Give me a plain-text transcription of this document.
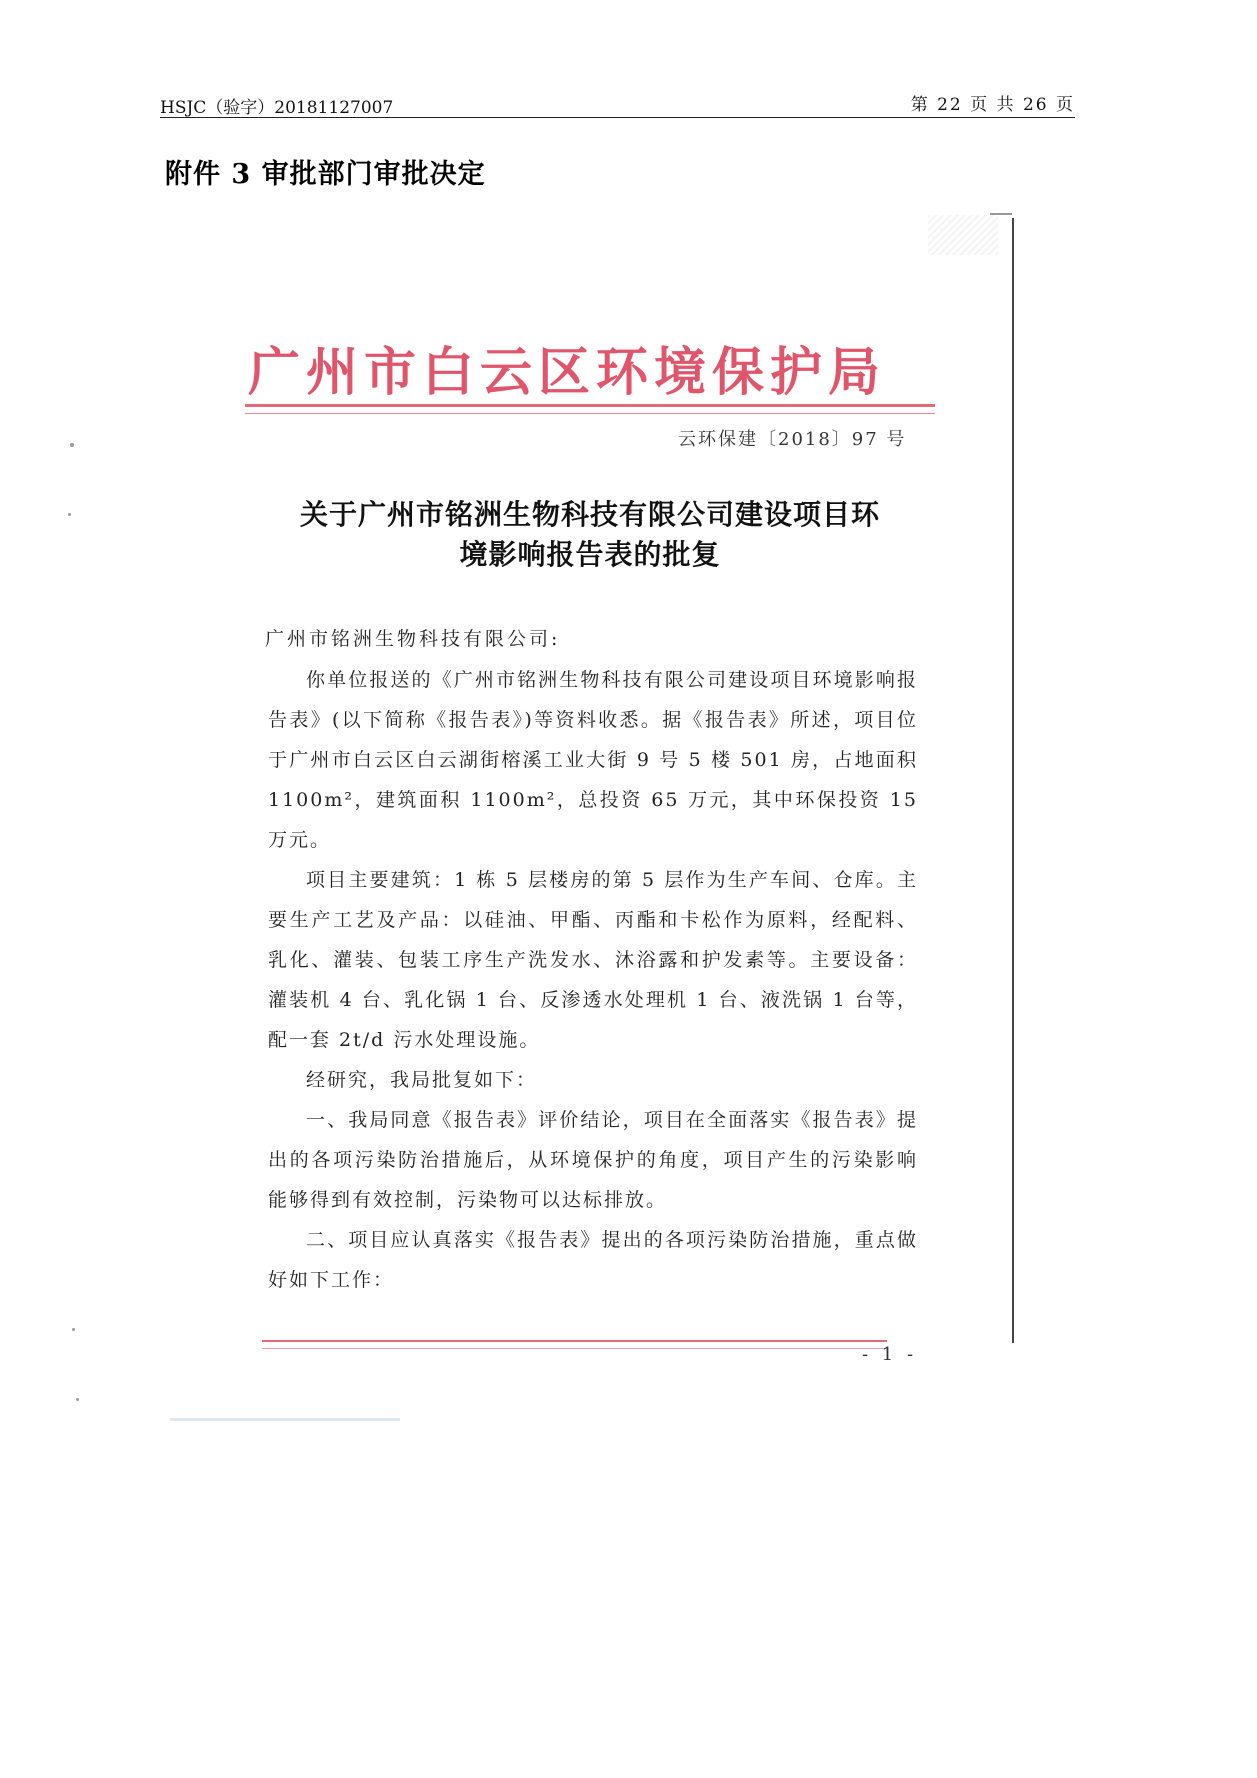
HSJC（验字）20181127007	第 22 页 共 26 页
附件 3 审批部门审批决定
广州市白云区环境保护局
云环保建〔2018〕97 号
关于广州市铭洲生物科技有限公司建设项目环
境影响报告表的批复
广州市铭洲生物科技有限公司:

你单位报送的《广州市铭洲生物科技有限公司建设项目环境影响报告表》(以下简称《报告表》)等资料收悉。据《报告表》所述，项目位于广州市白云区白云湖街榕溪工业大街 9 号 5 楼 501 房，占地面积 1100m²，建筑面积 1100m²，总投资 65 万元，其中环保投资 15 万元。

项目主要建筑：1 栋 5 层楼房的第 5 层作为生产车间、仓库。主要生产工艺及产品：以硅油、甲酯、丙酯和卡松作为原料，经配料、乳化、灌装、包装工序生产洗发水、沐浴露和护发素等。主要设备：灌装机 4 台、乳化锅 1 台、反渗透水处理机 1 台、液洗锅 1 台等，配一套 2t/d 污水处理设施。

经研究，我局批复如下：

一、我局同意《报告表》评价结论，项目在全面落实《报告表》提出的各项污染防治措施后，从环境保护的角度，项目产生的污染影响能够得到有效控制，污染物可以达标排放。

二、项目应认真落实《报告表》提出的各项污染防治措施，重点做好如下工作：

- 1 -
